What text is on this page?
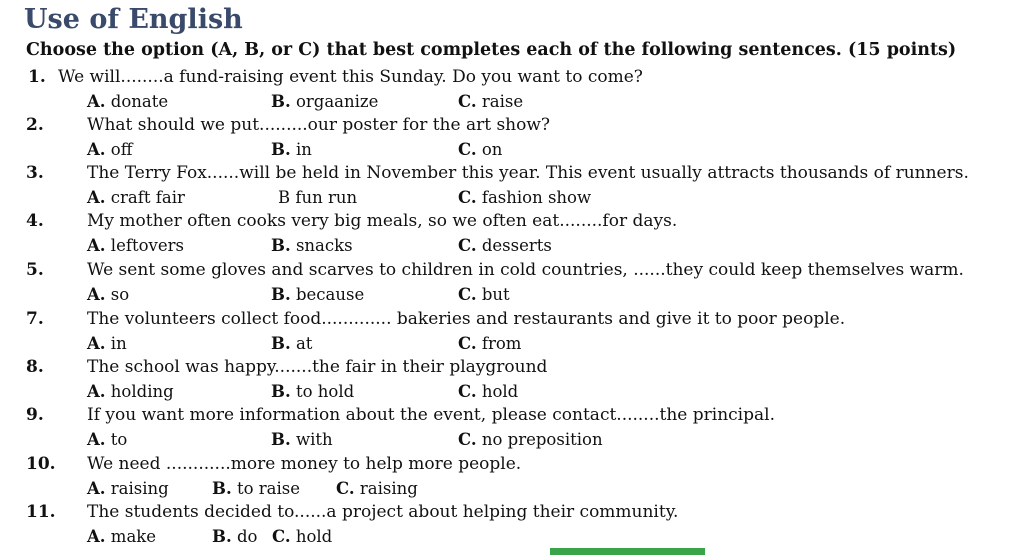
Use of English
Choose the option (A, B, or C) that best completes each of the following sentences. (15 points)
1. We will........a fund-raising event this Sunday. Do you want to come?
A. donate	B. orgaanize	C. raise
2.	What should we put.........our poster for the art show?
A. off	B. in	C. on
3.	The Terry Fox......will be held in November this year. This event usually attracts thousands of runners.
A. craft fair	B fun run	C. fashion show
4.	My mother often cooks very big meals, so we often eat........for days.
A. leftovers	B. snacks	C. desserts
5.	We sent some gloves and scarves to children in cold countries, ......they could keep themselves warm.
A. so	B. because	C. but
7.	The volunteers collect food............. bakeries and restaurants and give it to poor people.
A. in	B. at	C. from
8.	The school was happy.......the fair in their playground
A. holding	B. to hold	C. hold
9.	If you want more information about the event, please contact........the principal.
A. to	B. with	C. no preposition
10. We need ............more money to help more people.
A. raising	B. to raise C. raising
11. The students decided to......a project about helping their community.
A. make	B. do C. hold
